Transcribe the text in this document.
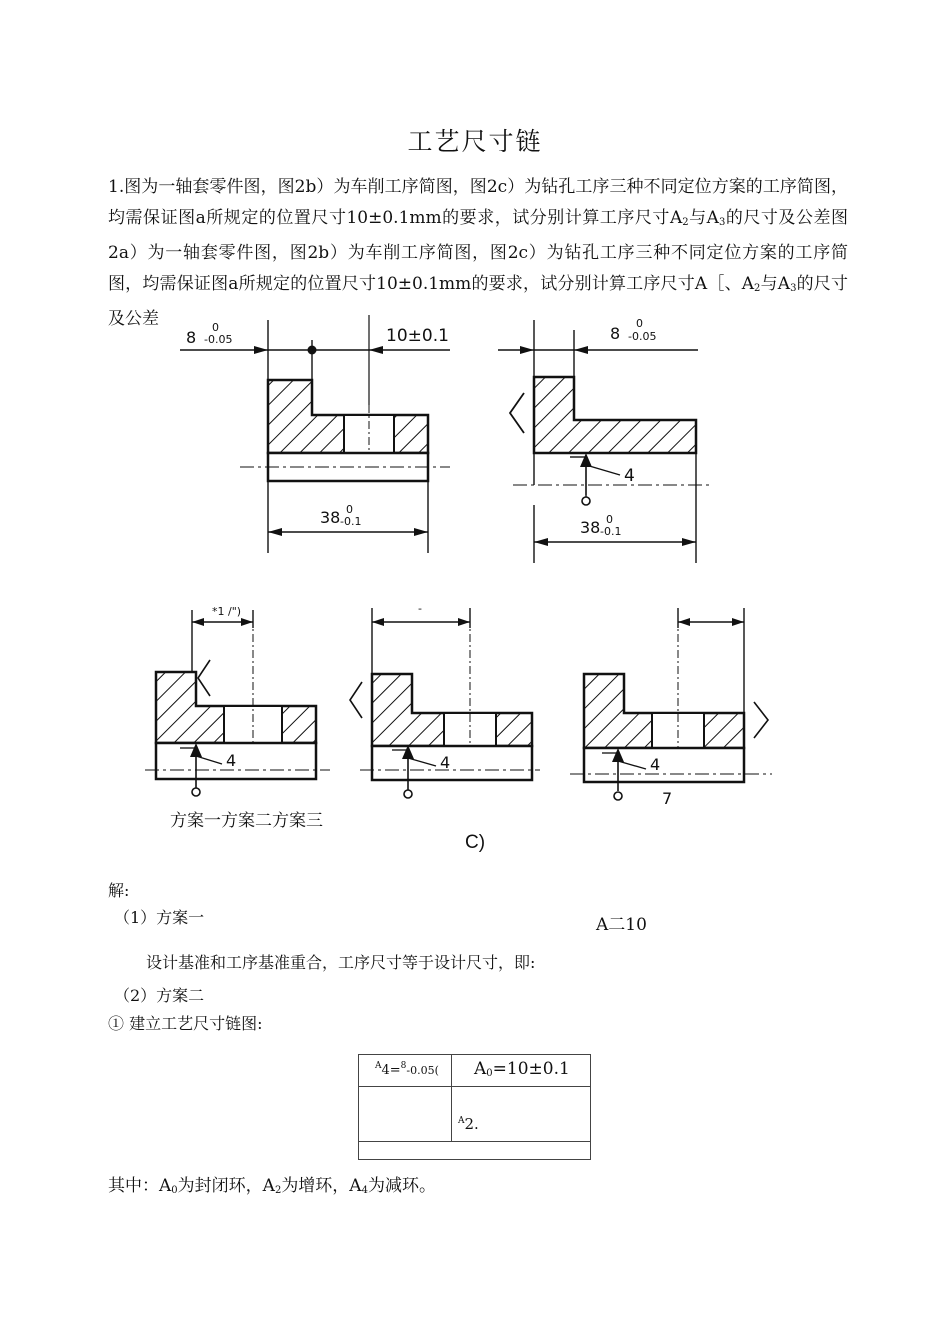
工艺尺寸链
1.图为一轴套零件图，图2b）为车削工序简图，图2c）为钻孔工序三种不同定位方案的工序简图，均需保证图a所规定的位置尺寸10±0.1mm的要求，试分别计算工序尺寸$A_2$与$A_3$的尺寸及公差图2a）为一轴套零件图，图2b）为车削工序简图，图2c）为钻孔工序三种不同定位方案的工序简图，均需保证图a所规定的位置尺寸10±0.1mm的要求，试分别计算工序尺寸A［、$A_2$与$A_3$的尺寸及公差
8
0
-0.05	10±0.1
38 0
-0.1
4
8
0
-0.05
38 0
-0.1
*1 /")
4
-
4	4
7
方案一方案二方案三
C)
解:
（1）方案一	A二10
设计基准和工序基准重合，工序尺寸等于设计尺寸，即:
（2）方案二
① 建立工艺尺寸链图:
$^A$4=$^8$-0.05(	$A_0=10\pm 0.1$

	$^A$2.

其中：$A_0$为封闭环，$A_2$为增环，$A_4$为减环。
